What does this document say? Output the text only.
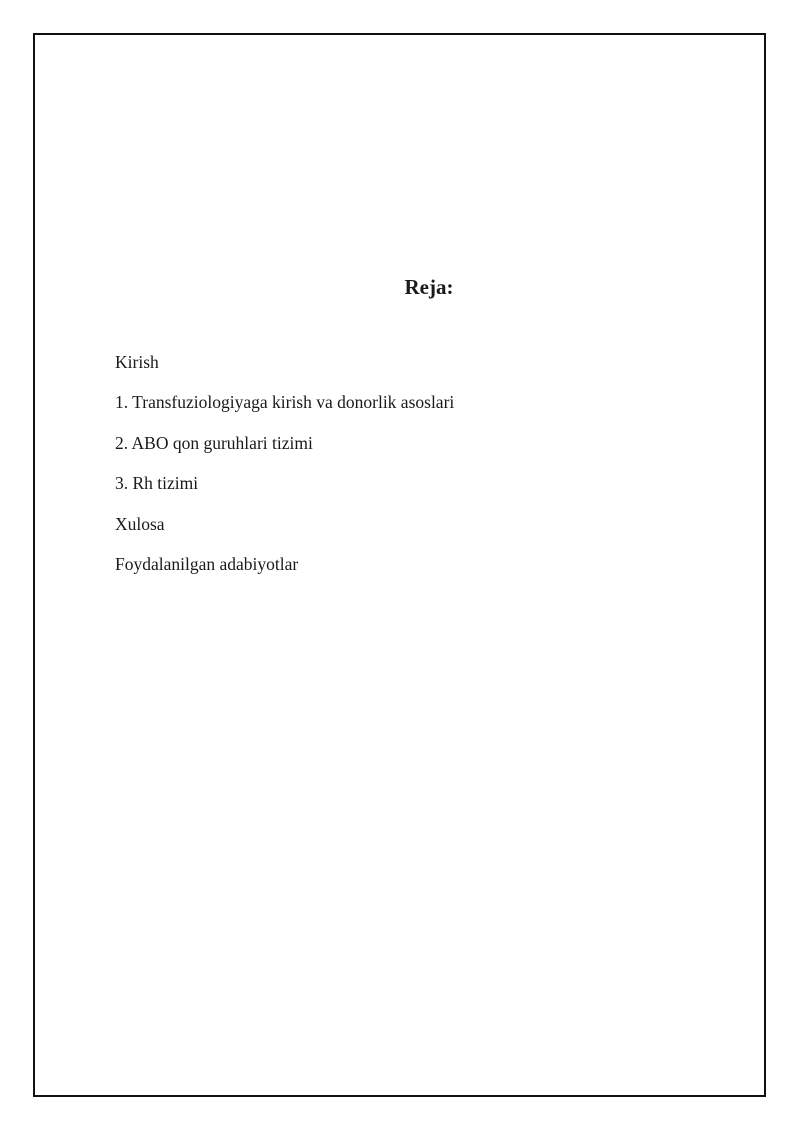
Reja:
Kirish
1. Transfuziologiyaga kirish va donorlik asoslari
2. ABO qon guruhlari tizimi
3. Rh tizimi
Xulosa
Foydalanilgan adabiyotlar
